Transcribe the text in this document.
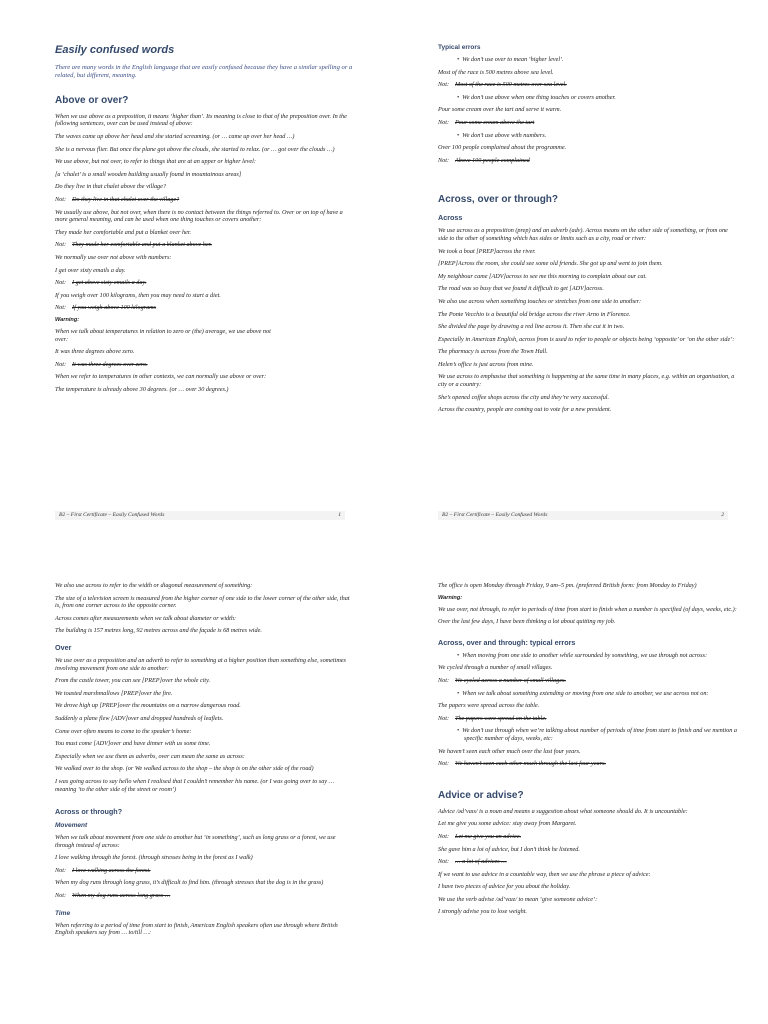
Easily confused words
There are many words in the English language that are easily confused because they have a similar spelling or a related, but different, meaning.
Above or over?
When we use above as a preposition, it means ‘higher than’. Its meaning is close to that of the preposition over. In the following sentences, over can be used instead of above:
The waves came up above her head and she started screaming. (or … came up over her head …)
She is a nervous flier. But once the plane got above the clouds, she started to relax. (or … got over the clouds …)
We use above, but not over, to refer to things that are at an upper or higher level:
[a ‘chalet’ is a small wooden building usually found in mountainous areas]
Do they live in that chalet above the village?
Not: Do they live in that chalet over the village?
We usually use above, but not over, when there is no contact between the things referred to. Over or on top of have a more general meaning, and can be used when one thing touches or covers another:
They made her comfortable and put a blanket over her.
Not: They made her comfortable and put a blanket above her.
We normally use over not above with numbers:
I get over sixty emails a day.
Not: I get above sixty emails a day.
If you weigh over 100 kilograms, then you may need to start a diet.
Not: If you weigh above 100 kilograms
Warning:
When we talk about temperatures in relation to zero or (the) average, we use above not over:
It was three degrees above zero.
Not: It was three degrees over zero.
When we refer to temperatures in other contexts, we can normally use above or over:
The temperature is already above 30 degrees. (or … over 30 degrees.)
Typical errors
• We don’t use over to mean ‘higher level’.
Most of the race is 500 metres above sea level.
Not: Most of the race is 500 metres over sea level.
• We don’t use above when one thing touches or covers another.
Pour some cream over the tart and serve it warm.
Not: Pour some cream above the tart
• We don’t use above with numbers.
Over 100 people complained about the programme.
Not: Above 100 people complained
Across, over or through?
Across
We use across as a preposition (prep) and an adverb (adv). Across means on the other side of something, or from one side to the other of something which has sides or limits such as a city, road or river:
We took a boat [PREP]across the river.
[PREP]Across the room, she could see some old friends. She got up and went to join them.
My neighbour came [ADV]across to see me this morning to complain about our cat.
The road was so busy that we found it difficult to get [ADV]across.
We also use across when something touches or stretches from one side to another:
The Ponte Vecchio is a beautiful old bridge across the river Arno in Florence.
She divided the page by drawing a red line across it. Then she cut it in two.
Especially in American English, across from is used to refer to people or objects being ‘opposite’ or ‘on the other side’:
The pharmacy is across from the Town Hall.
Helen’s office is just across from mine.
We use across to emphasise that something is happening at the same time in many places, e.g. within an organisation, a city or a country:
She’s opened coffee shops across the city and they’re very successful.
Across the country, people are coming out to vote for a new president.
B2 – First Certificate – Easily Confused Words	1	B2 – First Certificate – Easily Confused Words	2
We also use across to refer to the width or diagonal measurement of something:
The size of a television screen is measured from the higher corner of one side to the lower corner of the other side, that is, from one corner across to the opposite corner.
Across comes after measurements when we talk about diameter or width:
The building is 157 metres long, 92 metres across and the façade is 68 metres wide.
Over
We use over as a preposition and an adverb to refer to something at a higher position than something else, sometimes involving movement from one side to another:
From the castle tower, you can see [PREP]over the whole city.
We toasted marshmallows [PREP]over the fire.
We drove high up [PREP]over the mountains on a narrow dangerous road.
Suddenly a plane flew [ADV]over and dropped hundreds of leaflets.
Come over often means to come to the speaker’s home:
You must come [ADV]over and have dinner with us some time.
Especially when we use them as adverbs, over can mean the same as across:
We walked over to the shop. (or We walked across to the shop – the shop is on the other side of the road)
I was going across to say hello when I realised that I couldn’t remember his name. (or I was going over to say … meaning ‘to the other side of the street or room’)
Across or through?
Movement
When we talk about movement from one side to another but ‘in something’, such as long grass or a forest, we use through instead of across:
I love walking through the forest. (through stresses being in the forest as I walk)
Not: I love walking across the forest.
When my dog runs through long grass, it’s difficult to find him. (through stresses that the dog is in the grass)
Not: When my dog runs across long grass …
Time
When referring to a period of time from start to finish, American English speakers often use through where British English speakers say from … to/till …:
The office is open Monday through Friday, 9 am–5 pm. (preferred British form: from Monday to Friday)
Warning:
We use over, not through, to refer to periods of time from start to finish when a number is specified (of days, weeks, etc.):
Over the last few days, I have been thinking a lot about quitting my job.
Across, over and through: typical errors
• When moving from one side to another while surrounded by something, we use through not across:
We cycled through a number of small villages.
Not: We cycled across a number of small villages.
• When we talk about something extending or moving from one side to another, we use across not on:
The papers were spread across the table.
Not: The papers were spread on the table.
• We don’t use through when we’re talking about number of periods of time from start to finish and we mention a specific number of days, weeks, etc:
We haven’t seen each other much over the last four years.
Not: We haven’t seen each other much through the last four years.
Advice or advise?
Advice /əd’vaɪs/ is a noun and means a suggestion about what someone should do. It is uncountable:
Let me give you some advice: stay away from Margaret.
Not: Let me give you an advice.
She gave him a lot of advice, but I don’t think he listened.
Not: … a lot of advices …
If we want to use advice in a countable way, then we use the phrase a piece of advice:
I have two pieces of advice for you about the holiday.
We use the verb advise /əd’vaɪz/ to mean ‘give someone advice’:
I strongly advise you to lose weight.
